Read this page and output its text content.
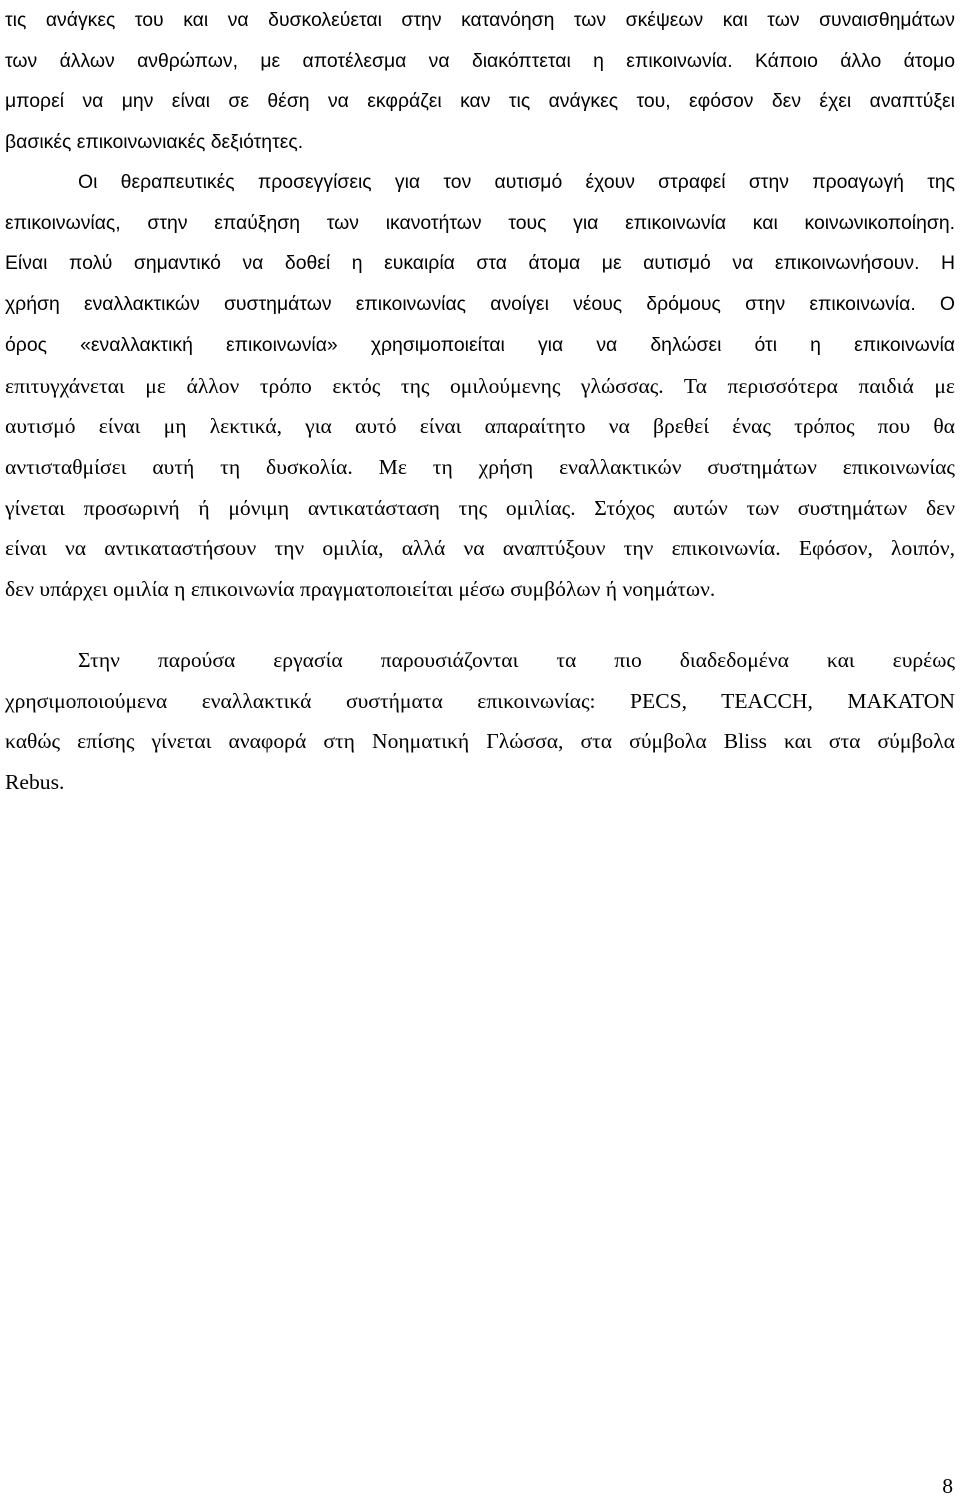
τις ανάγκες του και να δυσκολεύεται στην κατανόηση των σκέψεων και των συναισθημάτων
των άλλων ανθρώπων, με αποτέλεσμα να διακόπτεται η επικοινωνία. Κάποιο άλλο άτομο
μπορεί να μην είναι σε θέση να εκφράζει καν τις ανάγκες του, εφόσον δεν έχει αναπτύξει
βασικές επικοινωνιακές δεξιότητες.

Οι θεραπευτικές προσεγγίσεις για τον αυτισμό έχουν στραφεί στην προαγωγή της
επικοινωνίας, στην επαύξηση των ικανοτήτων τους για επικοινωνία και κοινωνικοποίηση.
Είναι πολύ σημαντικό να δοθεί η ευκαιρία στα άτομα με αυτισμό να επικοινωνήσουν. Η
χρήση εναλλακτικών συστημάτων επικοινωνίας ανοίγει νέους δρόμους στην επικοινωνία. Ο
όρος «εναλλακτική επικοινωνία» χρησιμοποιείται για να δηλώσει ότι η επικοινωνία
επιτυγχάνεται με άλλον τρόπο εκτός της ομιλούμενης γλώσσας. Τα περισσότερα παιδιά με
αυτισμό είναι μη λεκτικά, για αυτό είναι απαραίτητο να βρεθεί ένας τρόπος που θα
αντισταθμίσει αυτή τη δυσκολία. Με τη χρήση εναλλακτικών συστημάτων επικοινωνίας
γίνεται προσωρινή ή μόνιμη αντικατάσταση της ομιλίας. Στόχος αυτών των συστημάτων δεν
είναι να αντικαταστήσουν την ομιλία, αλλά να αναπτύξουν την επικοινωνία. Εφόσον, λοιπόν,
δεν υπάρχει ομιλία η επικοινωνία πραγματοποιείται μέσω συμβόλων ή νοημάτων.

Στην παρούσα εργασία παρουσιάζονται τα πιο διαδεδομένα και ευρέως
χρησιμοποιούμενα εναλλακτικά συστήματα επικοινωνίας: PECS, TEACCH, MAKATON
καθώς επίσης γίνεται αναφορά στη Νοηματική Γλώσσα, στα σύμβολα Bliss και στα σύμβολα
Rebus.

8
